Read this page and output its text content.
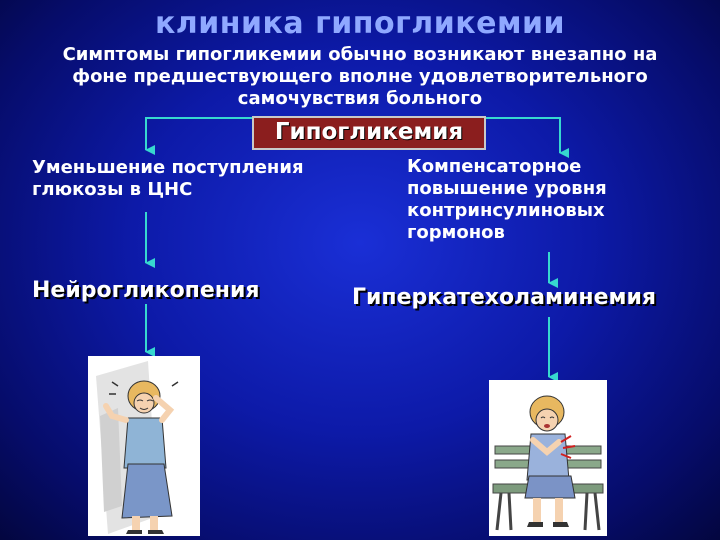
клиника гипогликемии
Симптомы гипогликемии обычно возникают внезапно на
фоне предшествующего вполне удовлетворительного
самочувствия больного
Гипогликемия
Уменьшение поступления
глюкозы в ЦНС
Компенсаторное
повышение уровня
контринсулиновых
гормонов
Нейрогликопения	Гиперкатехоламинемия
